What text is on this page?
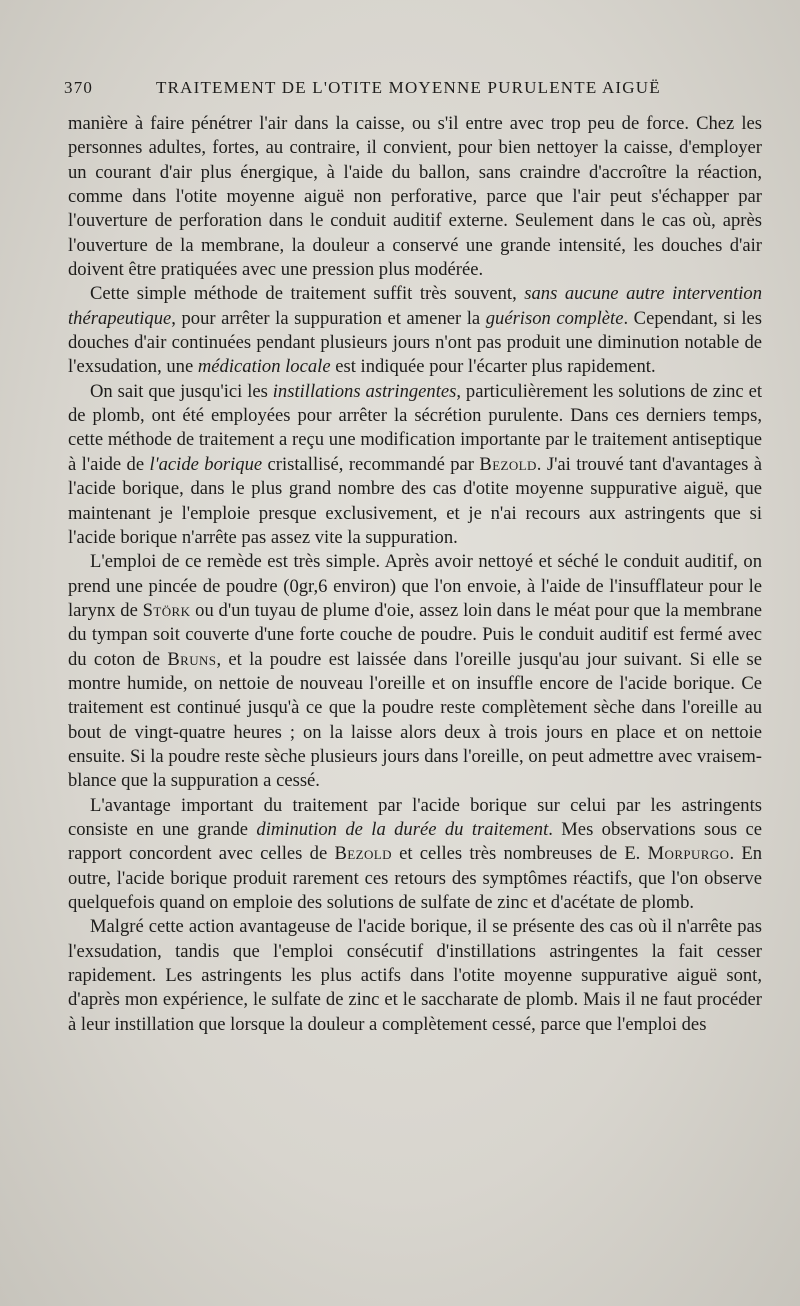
370	TRAITEMENT DE L'OTITE MOYENNE PURULENTE AIGUË

manière à faire pénétrer l'air dans la caisse, ou s'il entre avec trop peu de force. Chez les personnes adultes, fortes, au contraire, il convient, pour bien nettoyer la caisse, d'employer un courant d'air plus énergique, à l'aide du ballon, sans craindre d'accroître la réaction, comme dans l'otite moyenne aiguë non perforative, parce que l'air peut s'échapper par l'ouverture de perforation dans le conduit auditif externe. Seulement dans le cas où, après l'ouverture de la membrane, la douleur a conservé une grande intensité, les douches d'air doivent être pratiquées avec une pression plus modérée.

Cette simple méthode de traitement suffit très souvent, sans aucune autre intervention thérapeutique, pour arrêter la suppuration et amener la guérison complète. Cependant, si les douches d'air continuées pendant plusieurs jours n'ont pas produit une diminution notable de l'exsudation, une médication locale est indiquée pour l'écarter plus rapidement.

On sait que jusqu'ici les instillations astringentes, particulièrement les solutions de zinc et de plomb, ont été employées pour arrêter la sécrétion purulente. Dans ces derniers temps, cette méthode de traitement a reçu une modification importante par le traitement antiseptique à l'aide de l'acide borique cristallisé, recommandé par Bezold. J'ai trouvé tant d'avantages à l'acide borique, dans le plus grand nombre des cas d'otite moyenne suppurative aiguë, que maintenant je l'emploie presque exclusivement, et je n'ai recours aux astringents que si l'acide borique n'arrête pas assez vite la suppuration.

L'emploi de ce remède est très simple. Après avoir nettoyé et séché le conduit auditif, on prend une pincée de poudre (0gr,6 environ) que l'on envoie, à l'aide de l'insufflateur pour le larynx de Störk ou d'un tuyau de plume d'oie, assez loin dans le méat pour que la membrane du tympan soit couverte d'une forte couche de poudre. Puis le conduit auditif est fermé avec du coton de Bruns, et la poudre est laissée dans l'oreille jusqu'au jour suivant. Si elle se montre humide, on nettoie de nouveau l'oreille et on insuffle encore de l'acide borique. Ce traitement est continué jusqu'à ce que la poudre reste complètement sèche dans l'oreille au bout de vingt-quatre heures ; on la laisse alors deux à trois jours en place et on nettoie ensuite. Si la poudre reste sèche plusieurs jours dans l'oreille, on peut admettre avec vraisemblance que la suppuration a cessé.

L'avantage important du traitement par l'acide borique sur celui par les astringents consiste en une grande diminution de la durée du traitement. Mes observations sous ce rapport concordent avec celles de Bezold et celles très nombreuses de E. Morpurgo. En outre, l'acide borique produit rarement ces retours des symptômes réactifs, que l'on observe quelquefois quand on emploie des solutions de sulfate de zinc et d'acétate de plomb.

Malgré cette action avantageuse de l'acide borique, il se présente des cas où il n'arrête pas l'exsudation, tandis que l'emploi consécutif d'instillations astringentes la fait cesser rapidement. Les astringents les plus actifs dans l'otite moyenne suppurative aiguë sont, d'après mon expérience, le sulfate de zinc et le saccharate de plomb. Mais il ne faut procéder à leur instillation que lorsque la douleur a complètement cessé, parce que l'emploi des
